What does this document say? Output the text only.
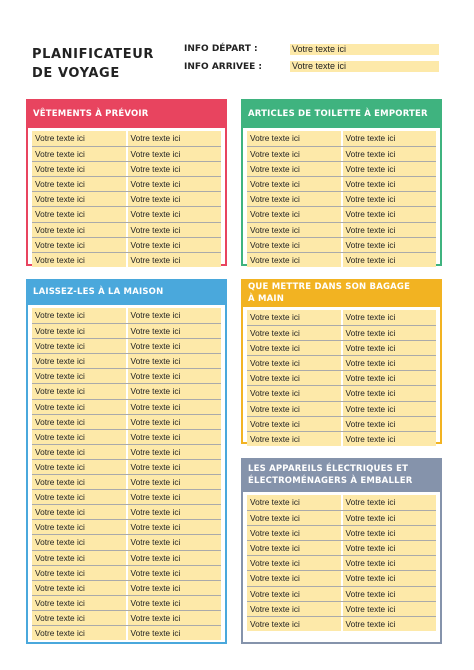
PLANIFICATEUR DE VOYAGE
INFO DÉPART :	Votre texte ici
INFO ARRIVEE :	Votre texte ici
VÊTEMENTS À PRÉVOIR
Votre texte ici	Votre texte ici
Votre texte ici	Votre texte ici
Votre texte ici	Votre texte ici
Votre texte ici	Votre texte ici
Votre texte ici	Votre texte ici
Votre texte ici	Votre texte ici
Votre texte ici	Votre texte ici
Votre texte ici	Votre texte ici
Votre texte ici	Votre texte ici
ARTICLES DE TOILETTE À EMPORTER
Votre texte ici	Votre texte ici
Votre texte ici	Votre texte ici
Votre texte ici	Votre texte ici
Votre texte ici	Votre texte ici
Votre texte ici	Votre texte ici
Votre texte ici	Votre texte ici
Votre texte ici	Votre texte ici
Votre texte ici	Votre texte ici
Votre texte ici	Votre texte ici
LAISSEZ-LES À LA MAISON
Votre texte ici	Votre texte ici
Votre texte ici	Votre texte ici
Votre texte ici	Votre texte ici
Votre texte ici	Votre texte ici
Votre texte ici	Votre texte ici
Votre texte ici	Votre texte ici
Votre texte ici	Votre texte ici
Votre texte ici	Votre texte ici
Votre texte ici	Votre texte ici
Votre texte ici	Votre texte ici
Votre texte ici	Votre texte ici
Votre texte ici	Votre texte ici
Votre texte ici	Votre texte ici
Votre texte ici	Votre texte ici
Votre texte ici	Votre texte ici
Votre texte ici	Votre texte ici
Votre texte ici	Votre texte ici
Votre texte ici	Votre texte ici
Votre texte ici	Votre texte ici
Votre texte ici	Votre texte ici
Votre texte ici	Votre texte ici
Votre texte ici	Votre texte ici
QUE METTRE DANS SON BAGAGE À MAIN
Votre texte ici	Votre texte ici
Votre texte ici	Votre texte ici
Votre texte ici	Votre texte ici
Votre texte ici	Votre texte ici
Votre texte ici	Votre texte ici
Votre texte ici	Votre texte ici
Votre texte ici	Votre texte ici
Votre texte ici	Votre texte ici
Votre texte ici	Votre texte ici
LES APPAREILS ÉLECTRIQUES ET ÉLECTROMÉNAGERS À EMBALLER
Votre texte ici	Votre texte ici
Votre texte ici	Votre texte ici
Votre texte ici	Votre texte ici
Votre texte ici	Votre texte ici
Votre texte ici	Votre texte ici
Votre texte ici	Votre texte ici
Votre texte ici	Votre texte ici
Votre texte ici	Votre texte ici
Votre texte ici	Votre texte ici
